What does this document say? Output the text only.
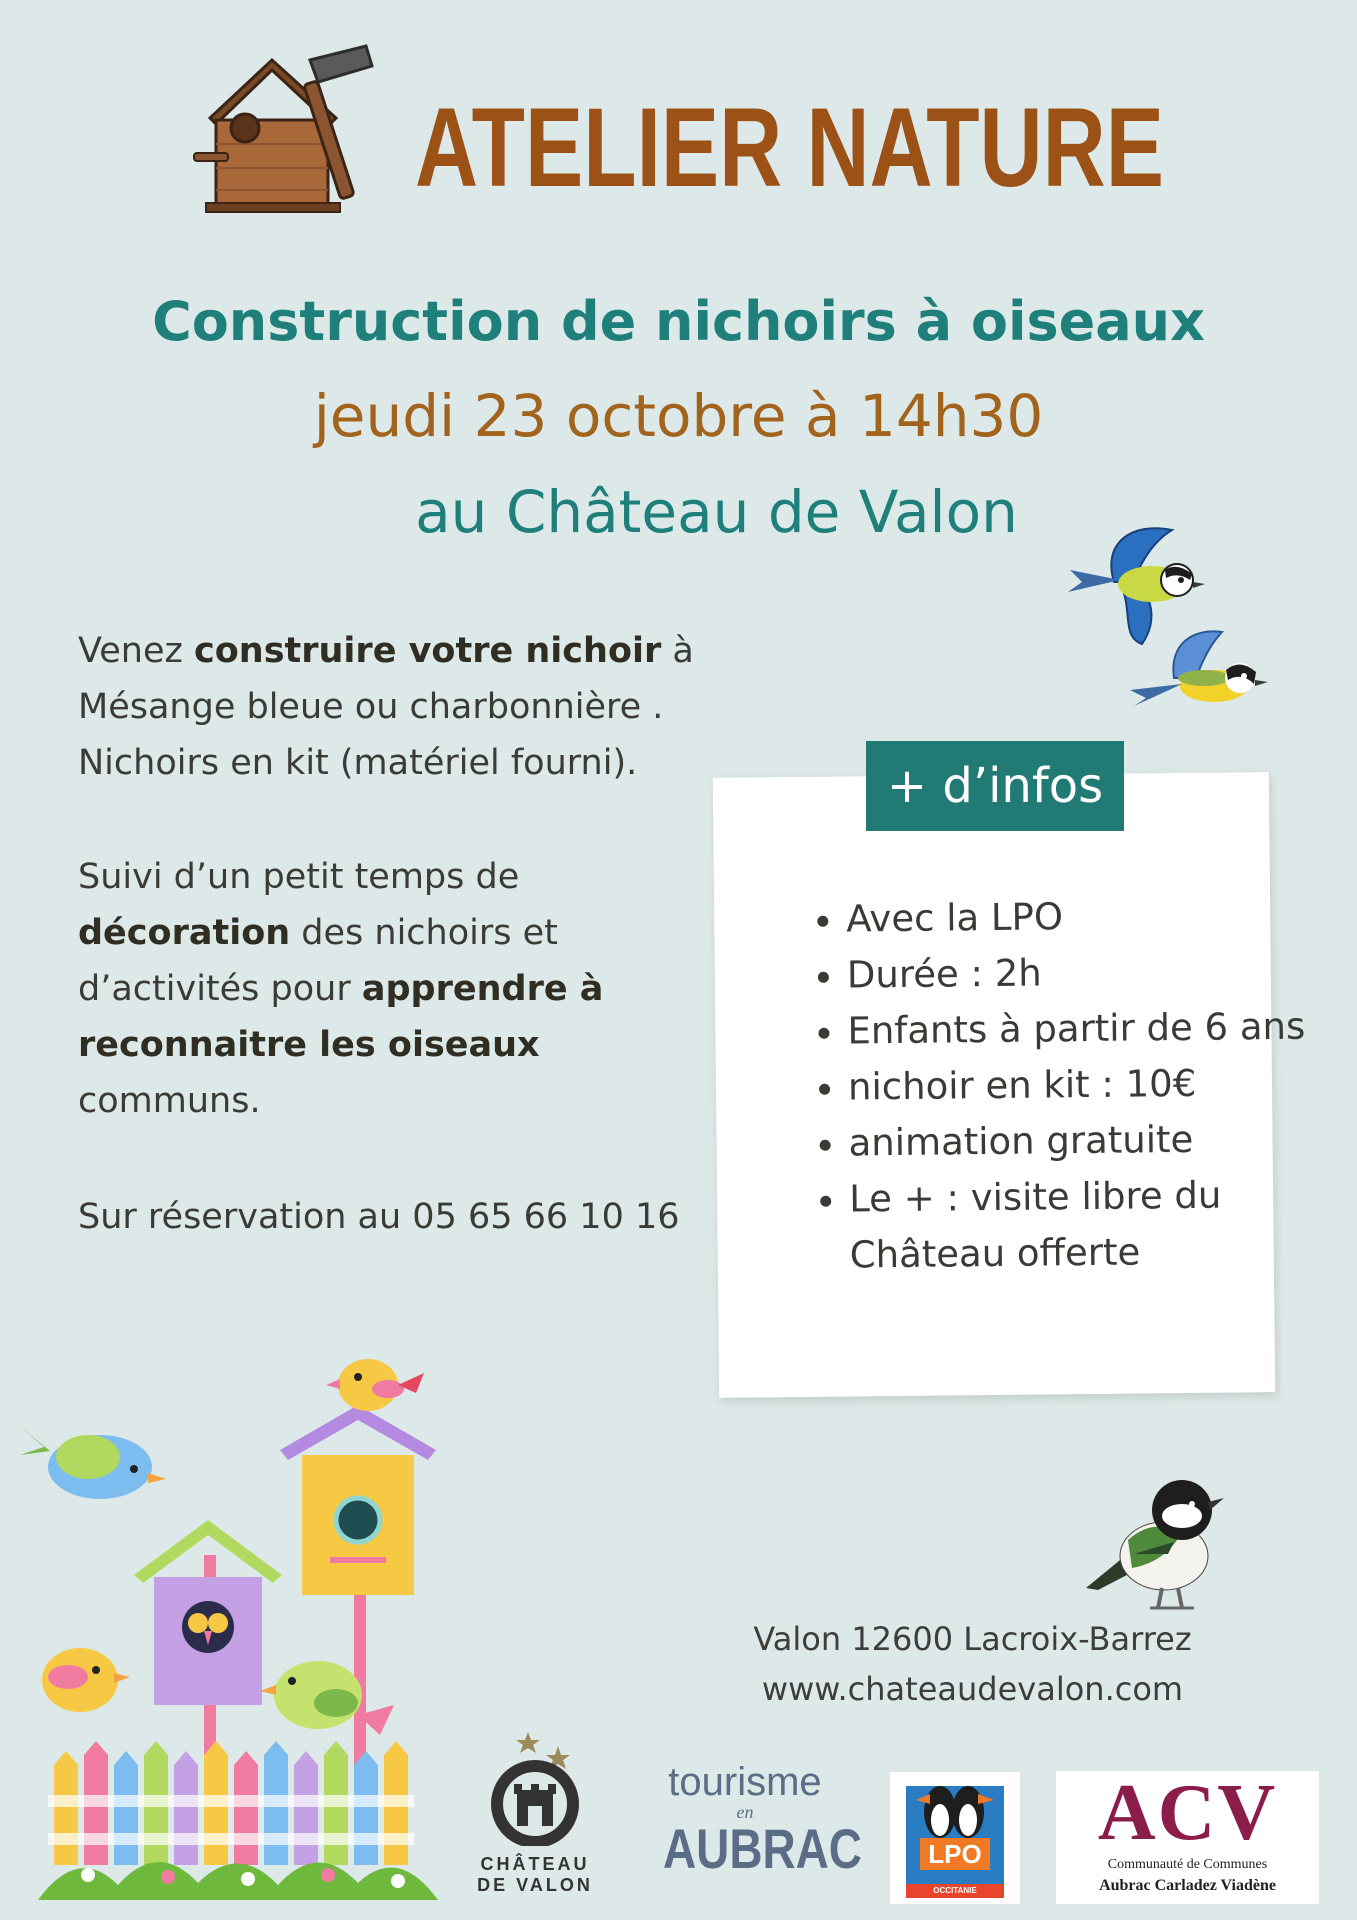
ATELIER NATURE
Construction de nichoirs à oiseaux
jeudi 23 octobre à 14h30
au Château de Valon
Venez construire votre nichoir à Mésange bleue ou charbonnière . Nichoirs en kit (matériel fourni).
Suivi d’un petit temps de décoration des nichoirs et d’activités pour apprendre à reconnaitre les oiseaux communs.
Sur réservation au 05 65 66 10 16
+ d’infos
• Avec la LPO
• Durée : 2h
• Enfants à partir de 6 ans
• nichoir en kit : 10€
• animation gratuite
• Le + : visite libre du Château offerte
Valon 12600 Lacroix-Barrez
www.chateaudevalon.com
CHÂTEAU
DE VALON
tourisme
en
AUBRAC	LPO
OCCITANIE
ACV
Communauté de Communes
Aubrac Carladez Viadène
